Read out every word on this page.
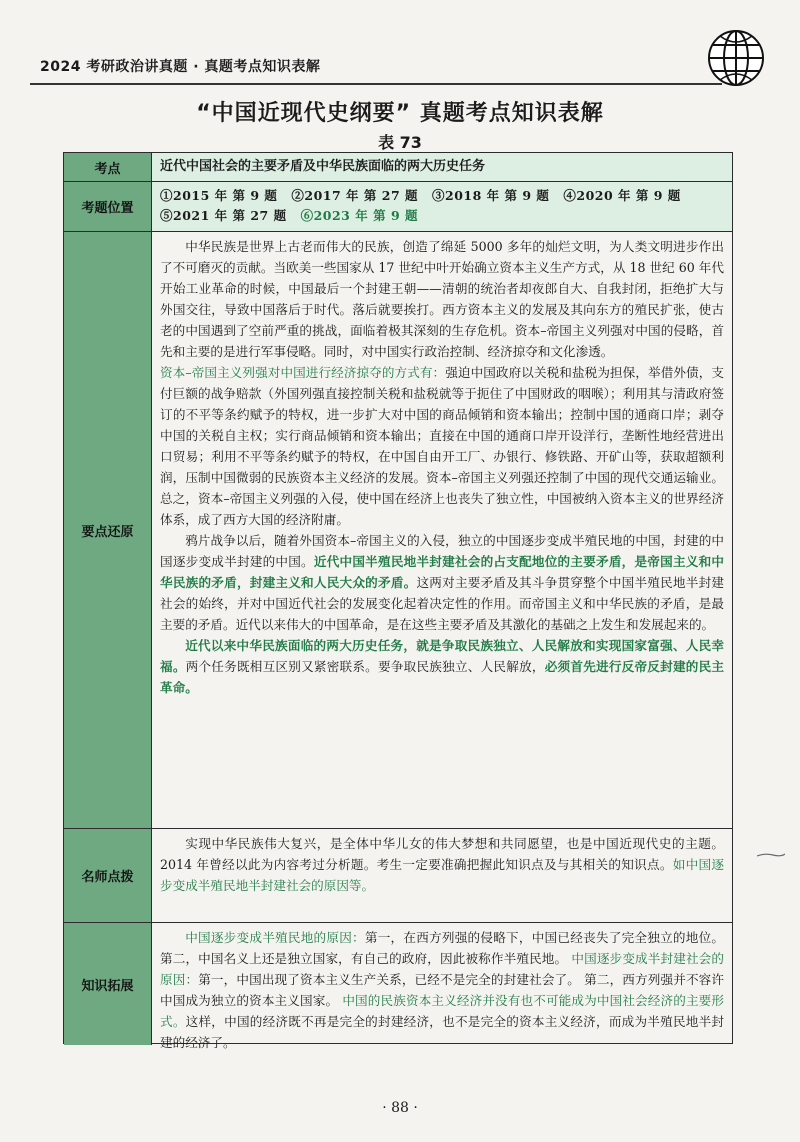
2024 考研政治讲真题 · 真题考点知识表解
“中国近现代史纲要” 真题考点知识表解
表 73
考点	近代中国社会的主要矛盾及中华民族面临的两大历史任务
考题位置
①2015 年 第 9 题 ②2017 年 第 27 题 ③2018 年 第 9 题 ④2020 年 第 9 题
⑤2021 年 第 27 题 ⑥2023 年 第 9 题
要点还原

中华民族是世界上古老而伟大的民族，创造了绵延 5000 多年的灿烂文明，为人类文明进步作出了不可磨灭的贡献。当欧美一些国家从 17 世纪中叶开始确立资本主义生产方式，从 18 世纪 60 年代开始工业革命的时候，中国最后一个封建王朝——清朝的统治者却夜郎自大、自我封闭，拒绝扩大与外国交往，导致中国落后于时代。落后就要挨打。西方资本主义的发展及其向东方的殖民扩张，使古老的中国遇到了空前严重的挑战，面临着极其深刻的生存危机。资本–帝国主义列强对中国的侵略，首先和主要的是进行军事侵略。同时，对中国实行政治控制、经济掠夺和文化渗透。

资本–帝国主义列强对中国进行经济掠夺的方式有：强迫中国政府以关税和盐税为担保，举借外债，支付巨额的战争赔款（外国列强直接控制关税和盐税就等于扼住了中国财政的咽喉）；利用其与清政府签订的不平等条约赋予的特权，进一步扩大对中国的商品倾销和资本输出；控制中国的通商口岸；剥夺中国的关税自主权；实行商品倾销和资本输出；直接在中国的通商口岸开设洋行，垄断性地经营进出口贸易；利用不平等条约赋予的特权，在中国自由开工厂、办银行、修铁路、开矿山等，获取超额利润，压制中国微弱的民族资本主义经济的发展。资本–帝国主义列强还控制了中国的现代交通运输业。总之，资本–帝国主义列强的入侵，使中国在经济上也丧失了独立性，中国被纳入资本主义的世界经济体系，成了西方大国的经济附庸。

鸦片战争以后，随着外国资本–帝国主义的入侵，独立的中国逐步变成半殖民地的中国，封建的中国逐步变成半封建的中国。近代中国半殖民地半封建社会的占支配地位的主要矛盾，是帝国主义和中华民族的矛盾，封建主义和人民大众的矛盾。这两对主要矛盾及其斗争贯穿整个中国半殖民地半封建社会的始终，并对中国近代社会的发展变化起着决定性的作用。而帝国主义和中华民族的矛盾，是最主要的矛盾。近代以来伟大的中国革命，是在这些主要矛盾及其激化的基础之上发生和发展起来的。

近代以来中华民族面临的两大历史任务，就是争取民族独立、人民解放和实现国家富强、人民幸福。两个任务既相互区别又紧密联系。要争取民族独立、人民解放，必须首先进行反帝反封建的民主革命。

名师点拨

实现中华民族伟大复兴，是全体中华儿女的伟大梦想和共同愿望，也是中国近现代史的主题。2014 年曾经以此为内容考过分析题。考生一定要准确把握此知识点及与其相关的知识点。如中国逐步变成半殖民地半封建社会的原因等。

知识拓展

中国逐步变成半殖民地的原因：第一，在西方列强的侵略下，中国已经丧失了完全独立的地位。 第二，中国名义上还是独立国家，有自己的政府，因此被称作半殖民地。 中国逐步变成半封建社会的原因：第一，中国出现了资本主义生产关系，已经不是完全的封建社会了。 第二，西方列强并不容许中国成为独立的资本主义国家。 中国的民族资本主义经济并没有也不可能成为中国社会经济的主要形式。这样，中国的经济既不再是完全的封建经济，也不是完全的资本主义经济，而成为半殖民地半封建的经济了。

· 88 ·
